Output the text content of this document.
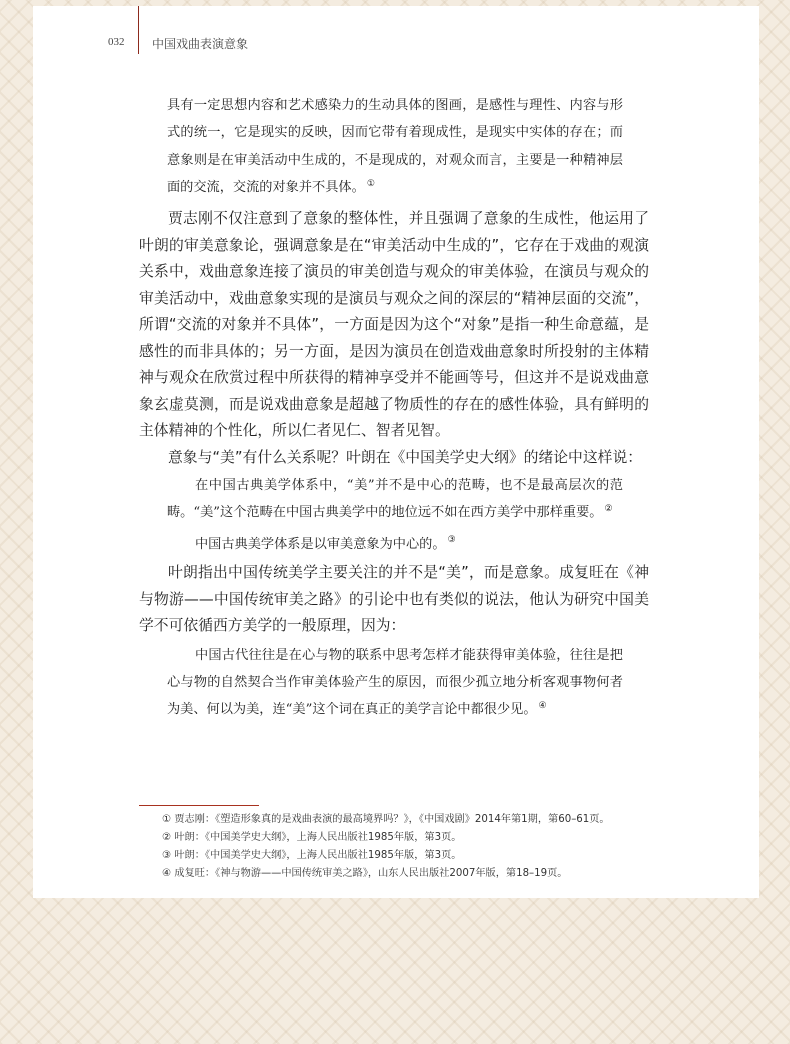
032 中国戏曲表演意象
具有一定思想内容和艺术感染力的生动具体的图画，是感性与理性、内容与形式的统一，它是现实的反映，因而它带有着现成性，是现实中实体的存在；而意象则是在审美活动中生成的，不是现成的，对观众而言，主要是一种精神层面的交流，交流的对象并不具体。 ①
贾志刚不仅注意到了意象的整体性，并且强调了意象的生成性，他运用了叶朗的审美意象论，强调意象是在“审美活动中生成的”，它存在于戏曲的观演关系中，戏曲意象连接了演员的审美创造与观众的审美体验，在演员与观众的审美活动中，戏曲意象实现的是演员与观众之间的深层的“精神层面的交流”，所谓“交流的对象并不具体”，一方面是因为这个“对象”是指一种生命意蕴，是感性的而非具体的；另一方面，是因为演员在创造戏曲意象时所投射的主体精神与观众在欣赏过程中所获得的精神享受并不能画等号，但这并不是说戏曲意象玄虚莫测，而是说戏曲意象是超越了物质性的存在的感性体验，具有鲜明的主体精神的个性化，所以仁者见仁、智者见智。
意象与“美”有什么关系呢？叶朗在《中国美学史大纲》的绪论中这样说：
在中国古典美学体系中，“美”并不是中心的范畴，也不是最高层次的范畴。“美”这个范畴在中国古典美学中的地位远不如在西方美学中那样重要。 ②
中国古典美学体系是以审美意象为中心的。 ③
叶朗指出中国传统美学主要关注的并不是“美”，而是意象。成复旺在《神与物游——中国传统审美之路》的引论中也有类似的说法，他认为研究中国美学不可依循西方美学的一般原理，因为：
中国古代往往是在心与物的联系中思考怎样才能获得审美体验，往往是把心与物的自然契合当作审美体验产生的原因，而很少孤立地分析客观事物何者为美、何以为美，连“美”这个词在真正的美学言论中都很少见。 ④
① 贾志刚：《塑造形象真的是戏曲表演的最高境界吗？》，《中国戏剧》2014年第1期，第60–61页。
② 叶朗：《中国美学史大纲》，上海人民出版社1985年版，第3页。
③ 叶朗：《中国美学史大纲》，上海人民出版社1985年版，第3页。
④ 成复旺：《神与物游——中国传统审美之路》，山东人民出版社2007年版，第18–19页。
